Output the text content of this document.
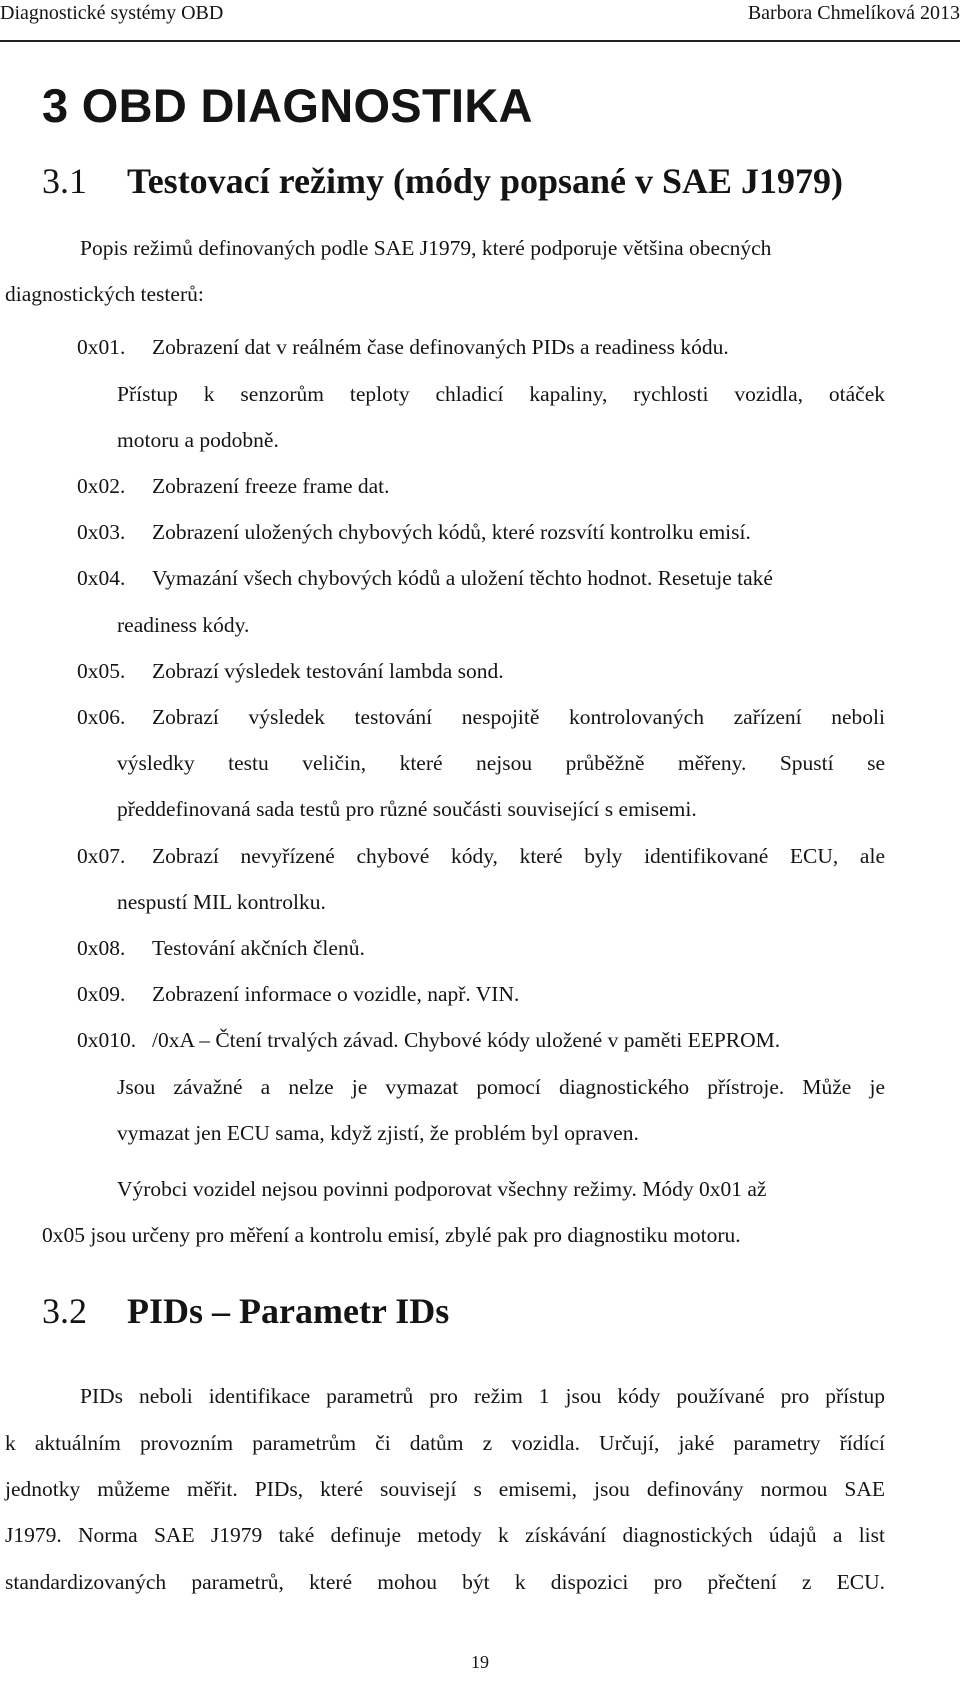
Diagnostické systémy OBD	Barbora Chmelíková 2013
3 OBD DIAGNOSTIKA
3.1 Testovací režimy (módy popsané v SAE J1979)

Popis režimů definovaných podle SAE J1979, které podporuje většina obecných

diagnostických testerů:

0x01. Zobrazení dat v reálném čase definovaných PIDs a readiness kódu.

Přístup k senzorům teploty chladicí kapaliny, rychlosti vozidla, otáček

motoru a podobně.

0x02. Zobrazení freeze frame dat.

0x03. Zobrazení uložených chybových kódů, které rozsvítí kontrolku emisí.

0x04. Vymazání všech chybových kódů a uložení těchto hodnot. Resetuje také

readiness kódy.

0x05. Zobrazí výsledek testování lambda sond.

0x06. Zobrazí výsledek testování nespojitě kontrolovaných zařízení neboli

výsledky testu veličin, které nejsou průběžně měřeny. Spustí se

předdefinovaná sada testů pro různé součásti související s emisemi.

0x07. Zobrazí nevyřízené chybové kódy, které byly identifikované ECU, ale

nespustí MIL kontrolku.

0x08. Testování akčních členů.

0x09. Zobrazení informace o vozidle, např. VIN.

0x010. /0xA – Čtení trvalých závad. Chybové kódy uložené v paměti EEPROM.

Jsou závažné a nelze je vymazat pomocí diagnostického přístroje. Může je

vymazat jen ECU sama, když zjistí, že problém byl opraven.

Výrobci vozidel nejsou povinni podporovat všechny režimy. Módy 0x01 až

0x05 jsou určeny pro měření a kontrolu emisí, zbylé pak pro diagnostiku motoru.

3.2 PIDs – Parametr IDs

PIDs neboli identifikace parametrů pro režim 1 jsou kódy používané pro přístup

k aktuálním provozním parametrům či datům z vozidla. Určují, jaké parametry řídící

jednotky můžeme měřit. PIDs, které souvisejí s emisemi, jsou definovány normou SAE

J1979. Norma SAE J1979 také definuje metody k získávání diagnostických údajů a list

standardizovaných parametrů, které mohou být k dispozici pro přečtení z ECU.

19
